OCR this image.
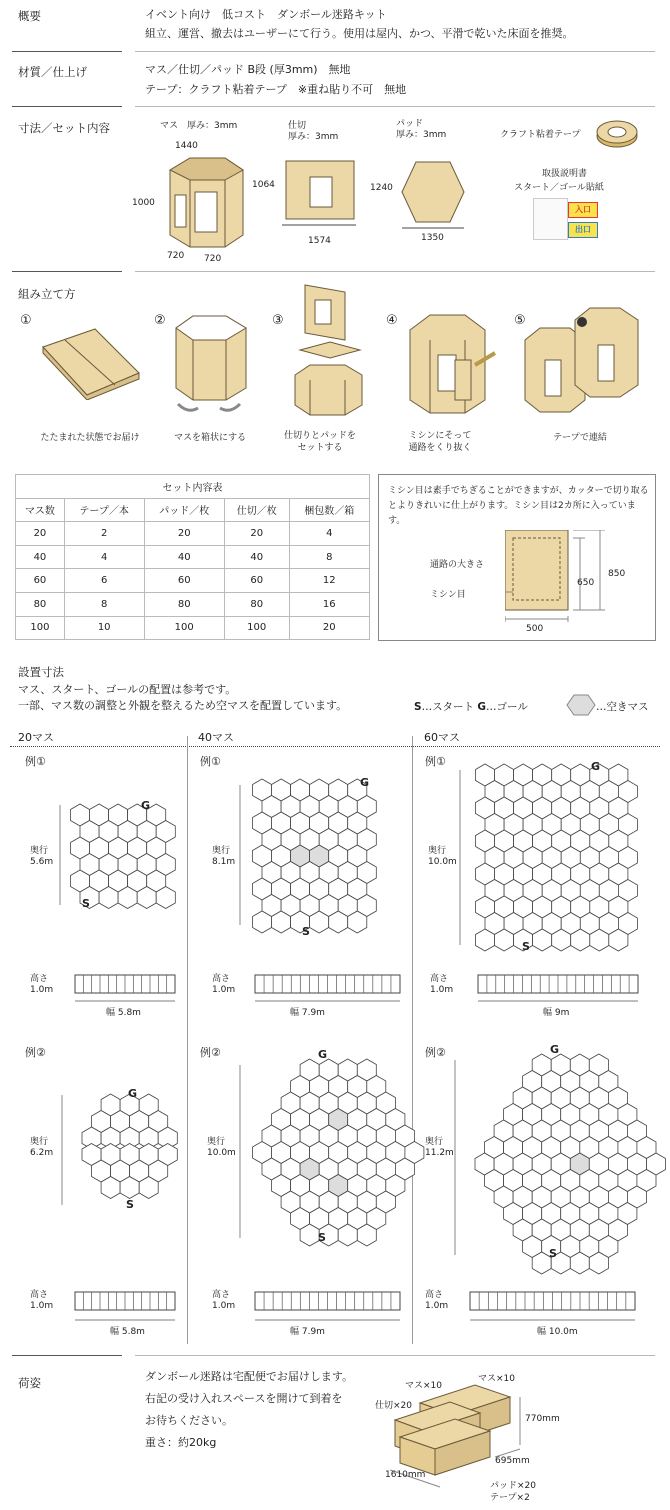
概要	イベント向け　低コスト　ダンボール迷路キット
組立、運営、撤去はユーザーにて行う。使用は屋内、かつ、平滑で乾いた床面を推奨。
材質／仕上げ	マス／仕切／パッド B段 (厚3mm)　無地
テープ：クラフト粘着テープ　※重ね貼り不可　無地
寸法／セット内容	マス　厚み：3mm
1440
1000
720 720
仕切
厚み：3mm
1064
1574
パッド
厚み：3mm
1240
1350
クラフト粘着テープ
取扱説明書
スタート／ゴール貼紙
入口
出口
組み立て方
①	②	③	④	⑤
たたまれた状態でお届け	マスを箱状にする	仕切りとパッドを
セットする
ミシンにそって
通路をくり抜く
テープで連結
セット内容表				
マス数	テープ／本	パッド／枚	仕切／枚	梱包数／箱
20	2	20	20	4
40	4	40	40	8
60	6	60	60	12
80	8	80	80	16
100	10	100	100	20
ミシン目は素手でちぎることができますが、カッターで切り取るとよりきれいに仕上がります。ミシン目は2カ所に入っています。
通路の大きさ
ミシン目
650
850
500
設置寸法
マス、スタート、ゴールの配置は参考です。
一部、マス数の調整と外観を整えるため空マスを配置しています。	S…スタート G…ゴール	…空きマス
20マス	40マス	60マス
例①	例①	例①
例②	例②	例②
奥行
5.6m
奥行
8.1m
奥行
10.0m
奥行
6.2m
奥行
10.0m
奥行
11.2m
高さ
1.0m
高さ
1.0m
高さ
1.0m
高さ
1.0m
高さ
1.0m
高さ
1.0m
幅 5.8m	幅 7.9m	幅 9m
幅 5.8m	幅 7.9m	幅 10.0m
G
S
G
S
G
S
G
S
G
S
G
S
荷姿	ダンボール迷路は宅配便でお届けします。
右記の受け入れスペースを開けて到着を
お待ちください。
重さ：約20kg
マス×10
マス×10
仕切×20
770mm
695mm
1610mm
パッド×20
テープ×2
